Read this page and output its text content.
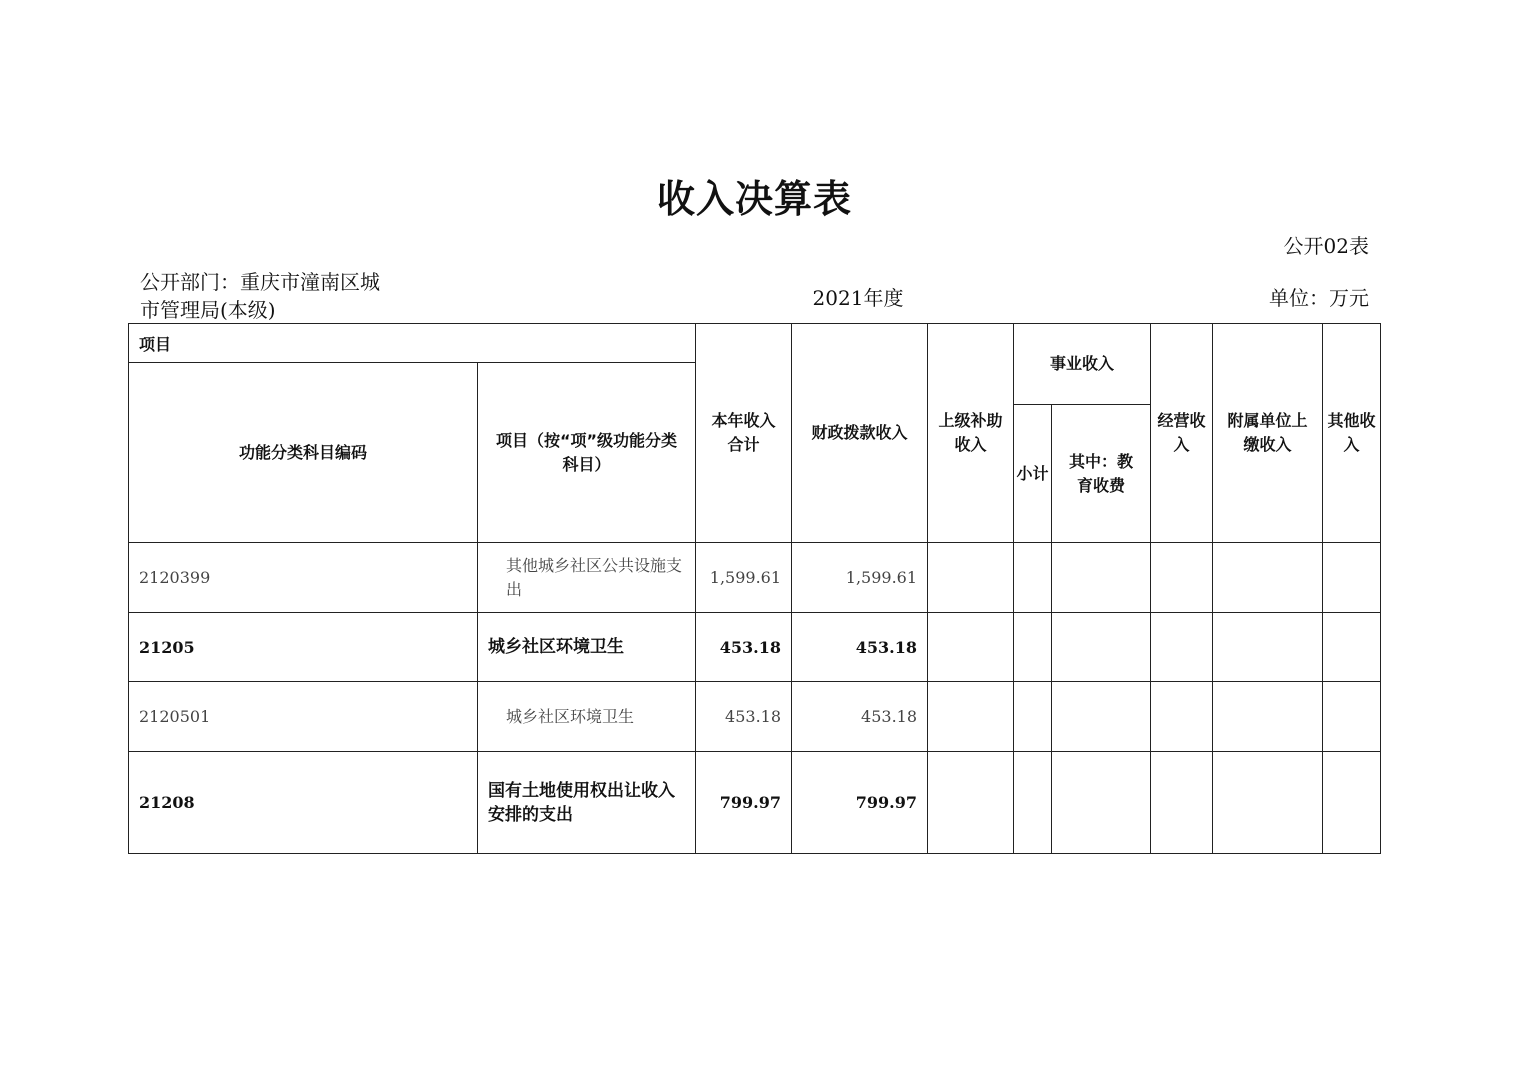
收入决算表
公开02表
公开部门：重庆市潼南区城
市管理局(本级)	2021年度	单位：万元
项目		本年收入合计	财政拨款收入	上级补助收入	事业收入		经营收入	附属单位上缴收入	其他收入
功能分类科目编码	项目（按“项”级功能分类科目）								
					小计	其中：教育收费			
2120399	其他城乡社区公共设施支出	1,599.61	1,599.61						
21205	城乡社区环境卫生	453.18	453.18						
2120501	城乡社区环境卫生	453.18	453.18						
21208	国有土地使用权出让收入安排的支出	799.97	799.97						
